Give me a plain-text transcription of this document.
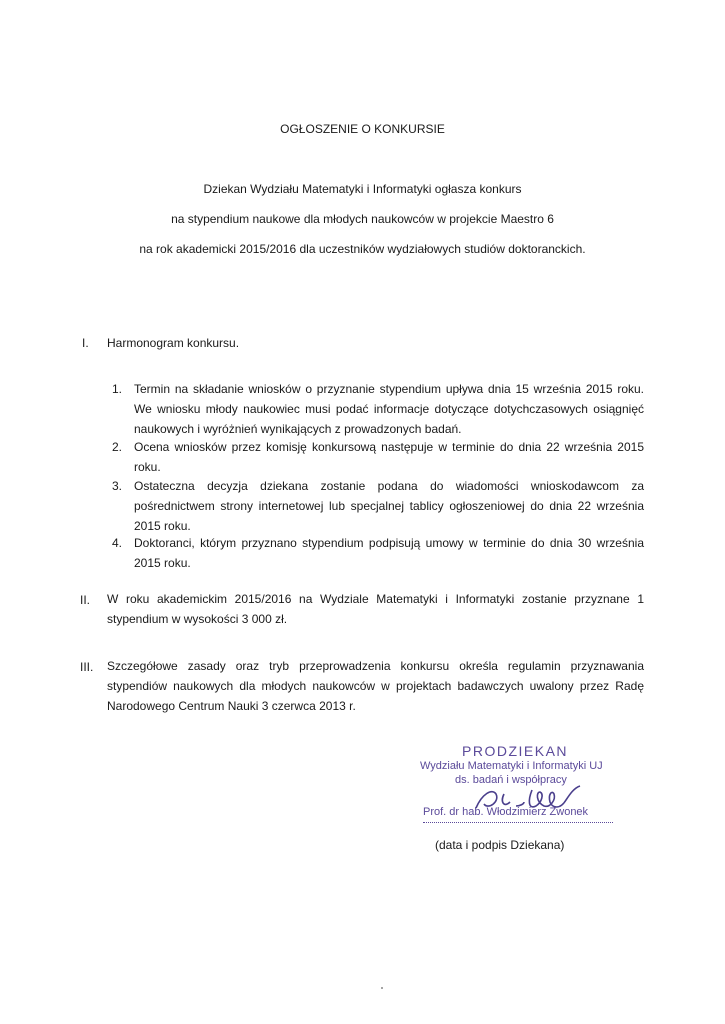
OGŁOSZENIE O KONKURSIE
Dziekan Wydziału Matematyki i Informatyki ogłasza konkurs
na stypendium naukowe dla młodych naukowców w projekcie Maestro 6
na rok akademicki 2015/2016 dla uczestników wydziałowych studiów doktoranckich.
I. Harmonogram konkursu.
1. Termin na składanie wniosków o przyznanie stypendium upływa dnia 15 września 2015 roku. We wniosku młody naukowiec musi podać informacje dotyczące dotychczasowych osiągnięć naukowych i wyróżnień wynikających z prowadzonych badań.
2. Ocena wniosków przez komisję konkursową następuje w terminie do dnia 22 września 2015 roku.
3. Ostateczna decyzja dziekana zostanie podana do wiadomości wnioskodawcom za pośrednictwem strony internetowej lub specjalnej tablicy ogłoszeniowej do dnia 22 września 2015 roku.
4. Doktoranci, którym przyznano stypendium podpisują umowy w terminie do dnia 30 września 2015 roku.
II. W roku akademickim 2015/2016 na Wydziale Matematyki i Informatyki zostanie przyznane 1 stypendium w wysokości 3 000 zł.
III. Szczegółowe zasady oraz tryb przeprowadzenia konkursu określa regulamin przyznawania stypendiów naukowych dla młodych naukowców w projektach badawczych uwalony przez Radę Narodowego Centrum Nauki 3 czerwca 2013 r.
PRODZIEKAN
Wydziału Matematyki i Informatyki UJ
ds. badań i współpracy
Prof. dr hab. Włodzimierz Zwonek
(data i podpis Dziekana)
